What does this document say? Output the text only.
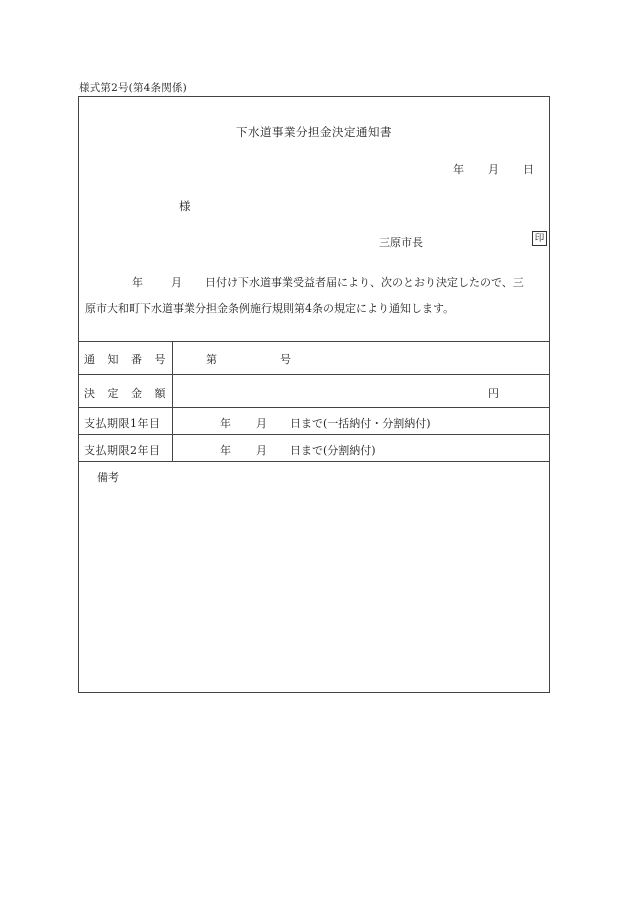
様式第2号(第4条関係)
下水道事業分担金決定通知書
年 月 日
様
三原市長	印
年	月 日付け下水道事業受益者届により、次のとおり決定したので、三
原市大和町下水道事業分担金条例施行規則第4条の規定により通知します。
通知番号	第	号
決定金額	円
支払期限1年目	年 月 日まで(一括納付・分割納付)
支払期限2年目	年 月 日まで(分割納付)
備考
